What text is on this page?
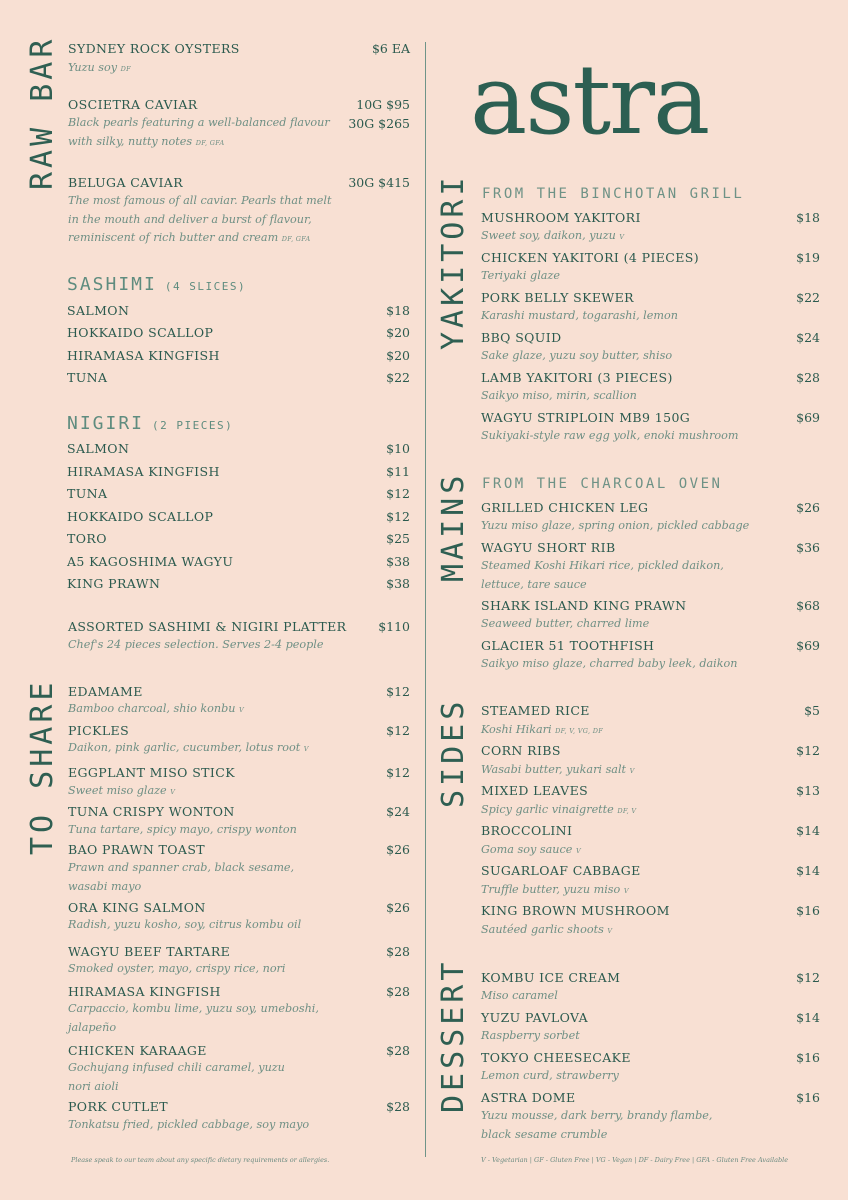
RAW BAR
TO SHARE
YAKITORI
MAINS
SIDES
DESSERT
astra
SASHIMI (4 SLICES)
NIGIRI (2 PIECES)
FROM THE BINCHOTAN GRILL
FROM THE CHARCOAL OVEN
SYDNEY ROCK OYSTERS	$6 EA
Yuzu soy DF
OSCIETRA CAVIAR	10G $95
30G $265
Black pearls featuring a well-balanced flavour
with silky, nutty notes DF, GFA
BELUGA CAVIAR	30G $415
The most famous of all caviar. Pearls that melt
in the mouth and deliver a burst of flavour,
reminiscent of rich butter and cream DF, GFA
SALMON	$18
HOKKAIDO SCALLOP	$20
HIRAMASA KINGFISH	$20
TUNA	$22
SALMON	$10
HIRAMASA KINGFISH	$11
TUNA	$12
HOKKAIDO SCALLOP	$12
TORO	$25
A5 KAGOSHIMA WAGYU	$38
KING PRAWN	$38
ASSORTED SASHIMI & NIGIRI PLATTER	$110
Chef's 24 pieces selection. Serves 2-4 people
EDAMAME	$12
Bamboo charcoal, shio konbu V
PICKLES	$12
Daikon, pink garlic, cucumber, lotus root V
EGGPLANT MISO STICK	$12
Sweet miso glaze V
TUNA CRISPY WONTON	$24
Tuna tartare, spicy mayo, crispy wonton
BAO PRAWN TOAST	$26
Prawn and spanner crab, black sesame,
wasabi mayo
ORA KING SALMON	$26
Radish, yuzu kosho, soy, citrus kombu oil
WAGYU BEEF TARTARE	$28
Smoked oyster, mayo, crispy rice, nori
HIRAMASA KINGFISH	$28
Carpaccio, kombu lime, yuzu soy, umeboshi,
jalapeño
CHICKEN KARAAGE	$28
Gochujang infused chili caramel, yuzu
nori aioli
PORK CUTLET	$28
Tonkatsu fried, pickled cabbage, soy mayo
MUSHROOM YAKITORI	$18
Sweet soy, daikon, yuzu V
CHICKEN YAKITORI (4 PIECES)	$19
Teriyaki glaze
PORK BELLY SKEWER	$22
Karashi mustard, togarashi, lemon
BBQ SQUID	$24
Sake glaze, yuzu soy butter, shiso
LAMB YAKITORI (3 PIECES)	$28
Saikyo miso, mirin, scallion
WAGYU STRIPLOIN MB9 150G	$69
Sukiyaki-style raw egg yolk, enoki mushroom
GRILLED CHICKEN LEG	$26
Yuzu miso glaze, spring onion, pickled cabbage
WAGYU SHORT RIB	$36
Steamed Koshi Hikari rice, pickled daikon,
lettuce, tare sauce
SHARK ISLAND KING PRAWN	$68
Seaweed butter, charred lime
GLACIER 51 TOOTHFISH	$69
Saikyo miso glaze, charred baby leek, daikon
STEAMED RICE	$5
Koshi Hikari DF, V, VG, DF
CORN RIBS	$12
Wasabi butter, yukari salt V
MIXED LEAVES	$13
Spicy garlic vinaigrette DF, V
BROCCOLINI	$14
Goma soy sauce V
SUGARLOAF CABBAGE	$14
Truffle butter, yuzu miso V
KING BROWN MUSHROOM	$16
Sautéed garlic shoots V
KOMBU ICE CREAM	$12
Miso caramel
YUZU PAVLOVA	$14
Raspberry sorbet
TOKYO CHEESECAKE	$16
Lemon curd, strawberry
ASTRA DOME	$16
Yuzu mousse, dark berry, brandy flambe,
black sesame crumble
Please speak to our team about any specific dietary requirements or allergies.	V - Vegetarian | GF - Gluten Free | VG - Vegan | DF - Dairy Free | GFA - Gluten Free Available
